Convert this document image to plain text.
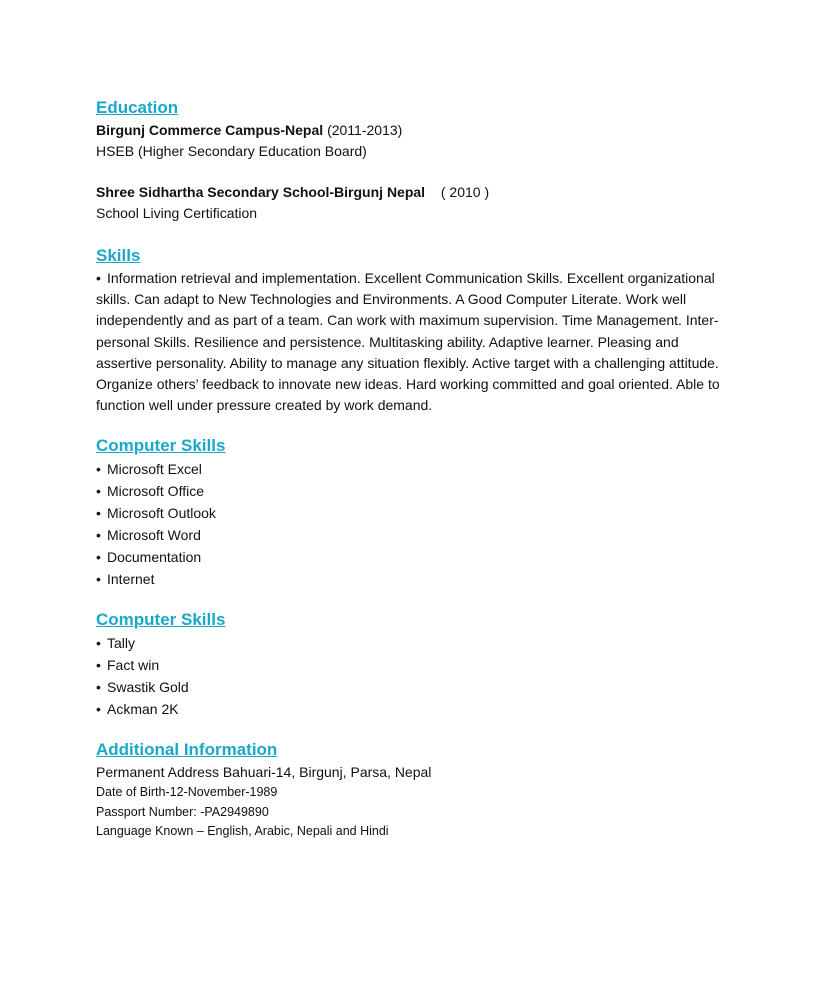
Education

Birgunj Commerce Campus-Nepal (2011-2013)

HSEB (Higher Secondary Education Board)

Shree Sidhartha Secondary School-Birgunj Nepal ( 2010 )

School Living Certification

Skills

• Information retrieval and implementation. Excellent Communication Skills. Excellent organizational skills. Can adapt to New Technologies and Environments. A Good Computer Literate. Work well independently and as part of a team. Can work with maximum supervision. Time Management. Inter-personal Skills. Resilience and persistence. Multitasking ability. Adaptive learner. Pleasing and assertive personality. Ability to manage any situation flexibly. Active target with a challenging attitude. Organize others’ feedback to innovate new ideas. Hard working committed and goal oriented. Able to function well under pressure created by work demand.

Computer Skills

• Microsoft Excel
• Microsoft Office
• Microsoft Outlook
• Microsoft Word
• Documentation
• Internet

Computer Skills

• Tally
• Fact win
• Swastik Gold
• Ackman 2K

Additional Information

Permanent Address Bahuari-14, Birgunj, Parsa, Nepal

Date of Birth-12-November-1989

Passport Number: -PA2949890

Language Known – English, Arabic, Nepali and Hindi
